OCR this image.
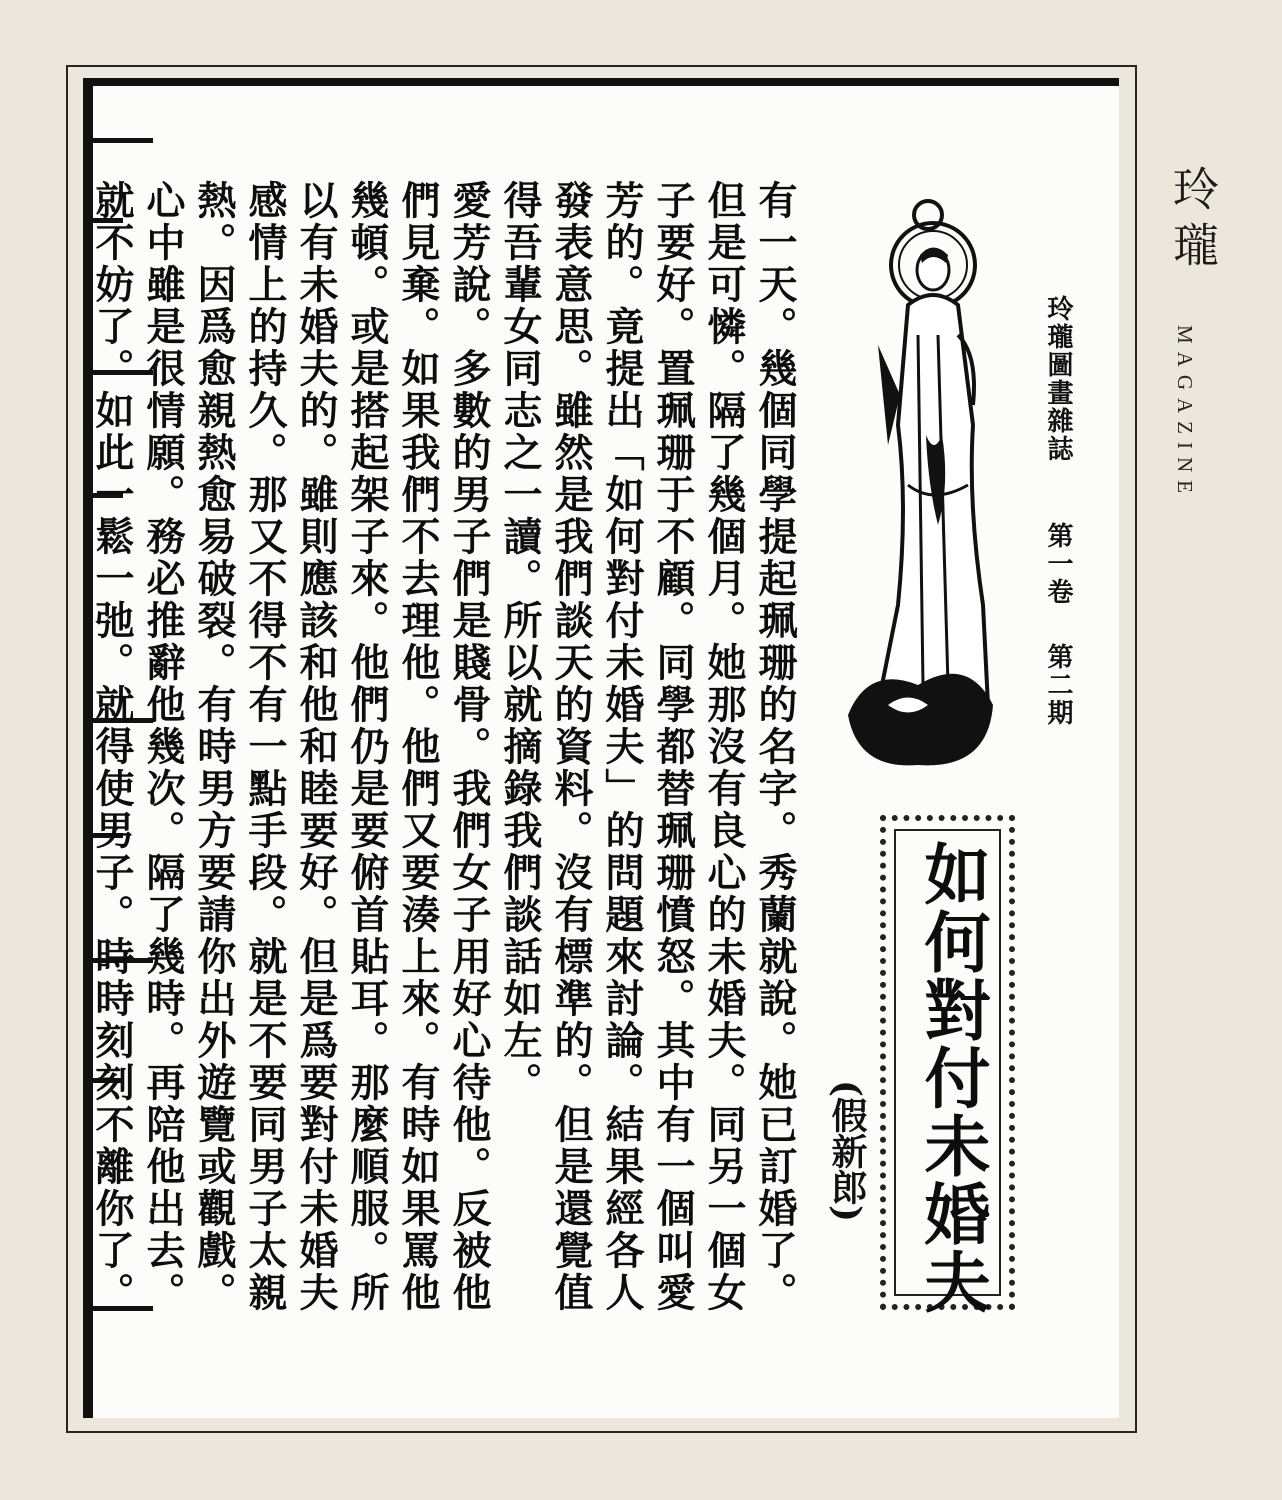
有一天。幾個同學提起珮珊的名字。秀蘭就說。她已訂婚了。但是可憐。隔了幾個月。她那沒有良心的未婚夫。同另一個女子要好。置珮珊于不顧。同學都替珮珊憤怒。其中有一個叫愛芳的。竟提出「如何對付未婚夫」的問題來討論。結果經各人發表意思。雖然是我們談天的資料。沒有標準的。但是還覺值得吾輩女同志之一讀。所以就摘錄我們談話如左。

愛芳說。多數的男子們是賤骨。我們女子用好心待他。反被他們見棄。如果我們不去理他。他們又要湊上來。有時如果罵他幾頓。或是搭起架子來。他們仍是要俯首貼耳。那麼順服。所以有未婚夫的。雖則應該和他和睦要好。但是爲要對付未婚夫感情上的持久。那又不得不有一點手段。就是不要同男子太親熱。因爲愈親熱愈易破裂。有時男方要請你出外遊覽或觀戲。心中雖是很情願。務必推辭他幾次。隔了幾時。再陪他出去。就不妨了。如此一鬆一弛。就得使男子。時時刻刻不離你了。	玲瓏圖畫雜誌 第一卷 第二期
如何對付未婚夫
(假新郎)
玲瓏
MAGAZINE
